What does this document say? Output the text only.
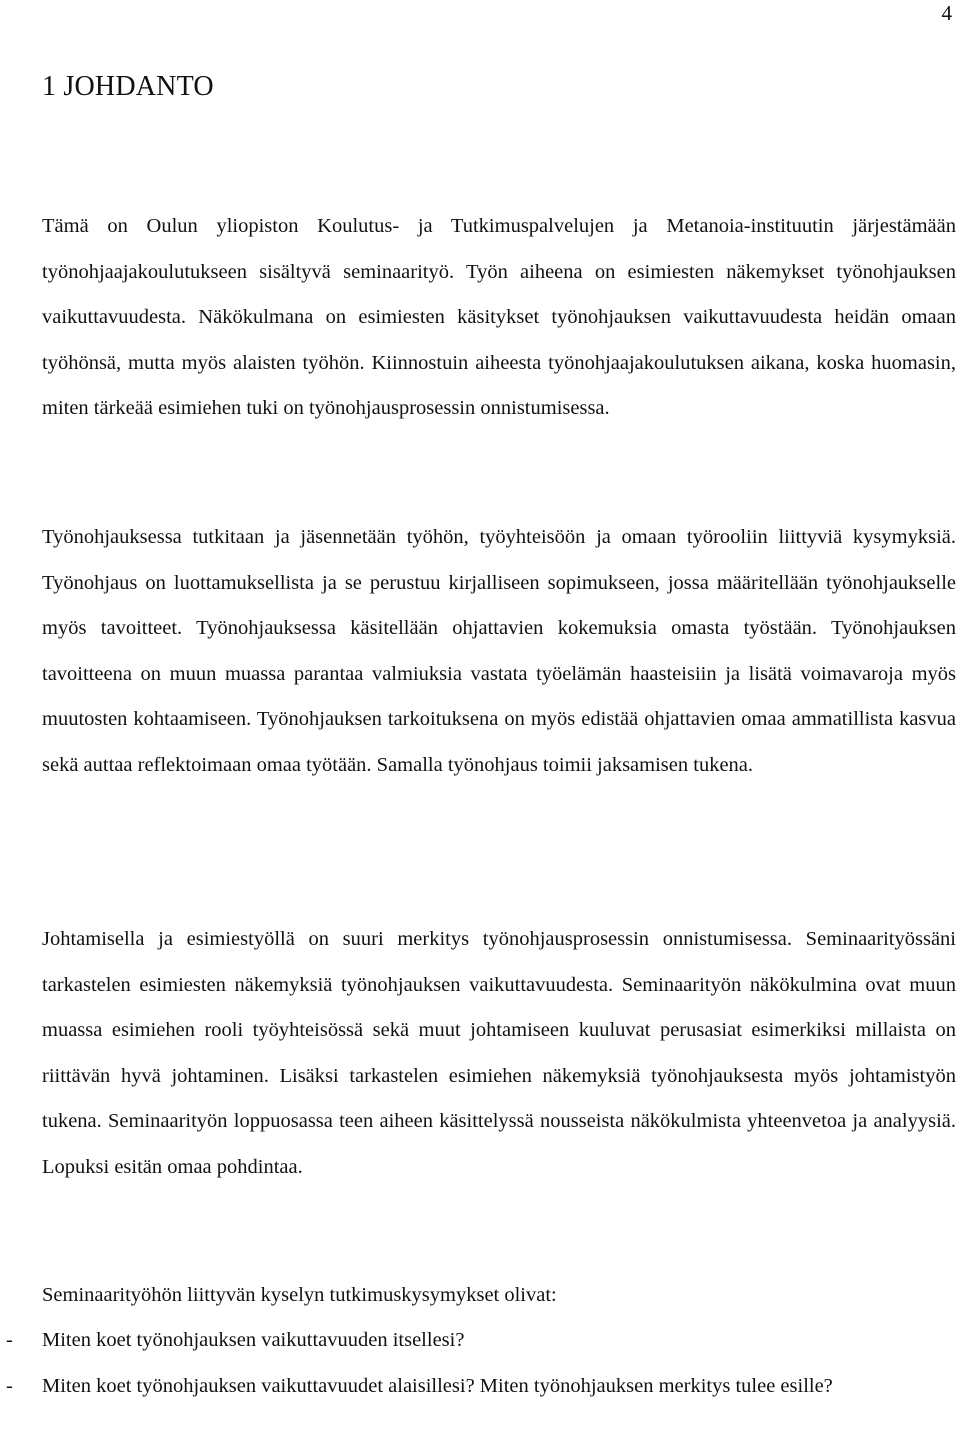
4
1 JOHDANTO

Tämä on Oulun yliopiston Koulutus- ja Tutkimuspalvelujen ja Metanoia-instituutin järjestämään työnohjaajakoulutukseen sisältyvä seminaarityö. Työn aiheena on esimiesten näkemykset työnohjauksen vaikuttavuudesta. Näkökulmana on esimiesten käsitykset työnohjauksen vaikuttavuudesta heidän omaan työhönsä, mutta myös alaisten työhön. Kiinnostuin aiheesta työnohjaajakoulutuksen aikana, koska huomasin, miten tärkeää esimiehen tuki on työnohjausprosessin onnistumisessa.

Työnohjauksessa tutkitaan ja jäsennetään työhön, työyhteisöön ja omaan työrooliin liittyviä kysymyksiä. Työnohjaus on luottamuksellista ja se perustuu kirjalliseen sopimukseen, jossa määritellään työnohjaukselle myös tavoitteet. Työnohjauksessa käsitellään ohjattavien kokemuksia omasta työstään. Työnohjauksen tavoitteena on muun muassa parantaa valmiuksia vastata työelämän haasteisiin ja lisätä voimavaroja myös muutosten kohtaamiseen. Työnohjauksen tarkoituksena on myös edistää ohjattavien omaa ammatillista kasvua sekä auttaa reflektoimaan omaa työtään. Samalla työnohjaus toimii jaksamisen tukena.

Johtamisella ja esimiestyöllä on suuri merkitys työnohjausprosessin onnistumisessa. Seminaarityössäni tarkastelen esimiesten näkemyksiä työnohjauksen vaikuttavuudesta. Seminaarityön näkökulmina ovat muun muassa esimiehen rooli työyhteisössä sekä muut johtamiseen kuuluvat perusasiat esimerkiksi millaista on riittävän hyvä johtaminen. Lisäksi tarkastelen esimiehen näkemyksiä työnohjauksesta myös johtamistyön tukena. Seminaarityön loppuosassa teen aiheen käsittelyssä nousseista näkökulmista yhteenvetoa ja analyysiä. Lopuksi esitän omaa pohdintaa.

Seminaarityöhön liittyvän kyselyn tutkimuskysymykset olivat:

- Miten koet työnohjauksen vaikuttavuuden itsellesi?
- Miten koet työnohjauksen vaikuttavuudet alaisillesi? Miten työnohjauksen merkitys tulee esille?
